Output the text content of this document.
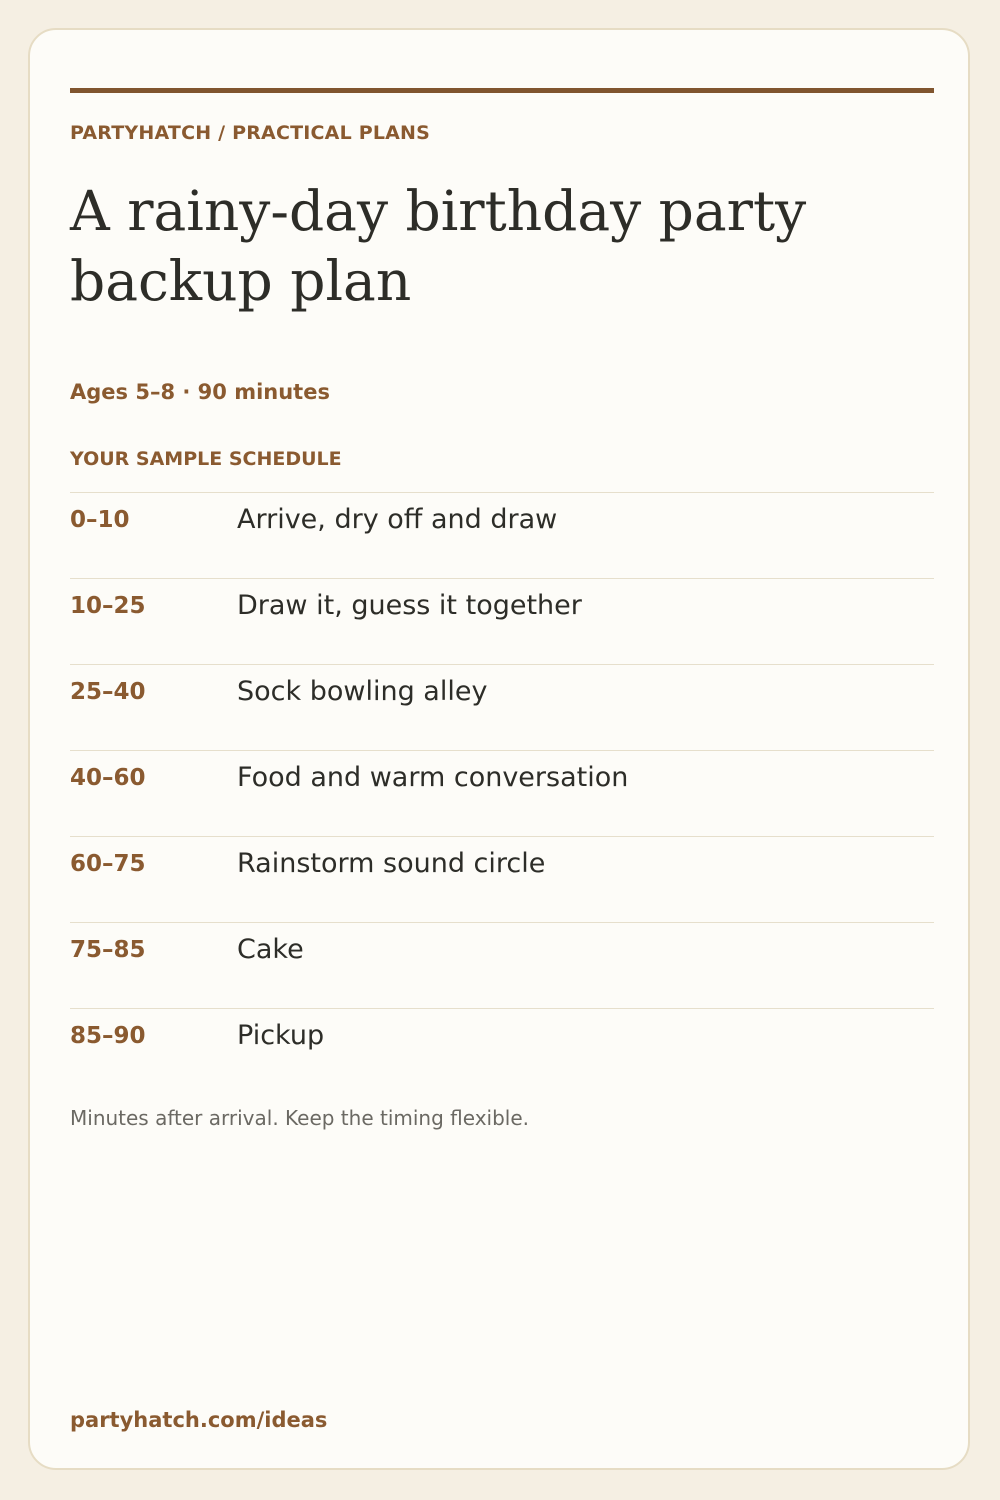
PARTYHATCH / PRACTICAL PLANS
A rainy-day birthday party backup plan
Ages 5–8 · 90 minutes
YOUR SAMPLE SCHEDULE
0–10	Arrive, dry off and draw
10–25	Draw it, guess it together
25–40	Sock bowling alley
40–60	Food and warm conversation
60–75	Rainstorm sound circle
75–85	Cake
85–90	Pickup
Minutes after arrival. Keep the timing flexible.
partyhatch.com/ideas
